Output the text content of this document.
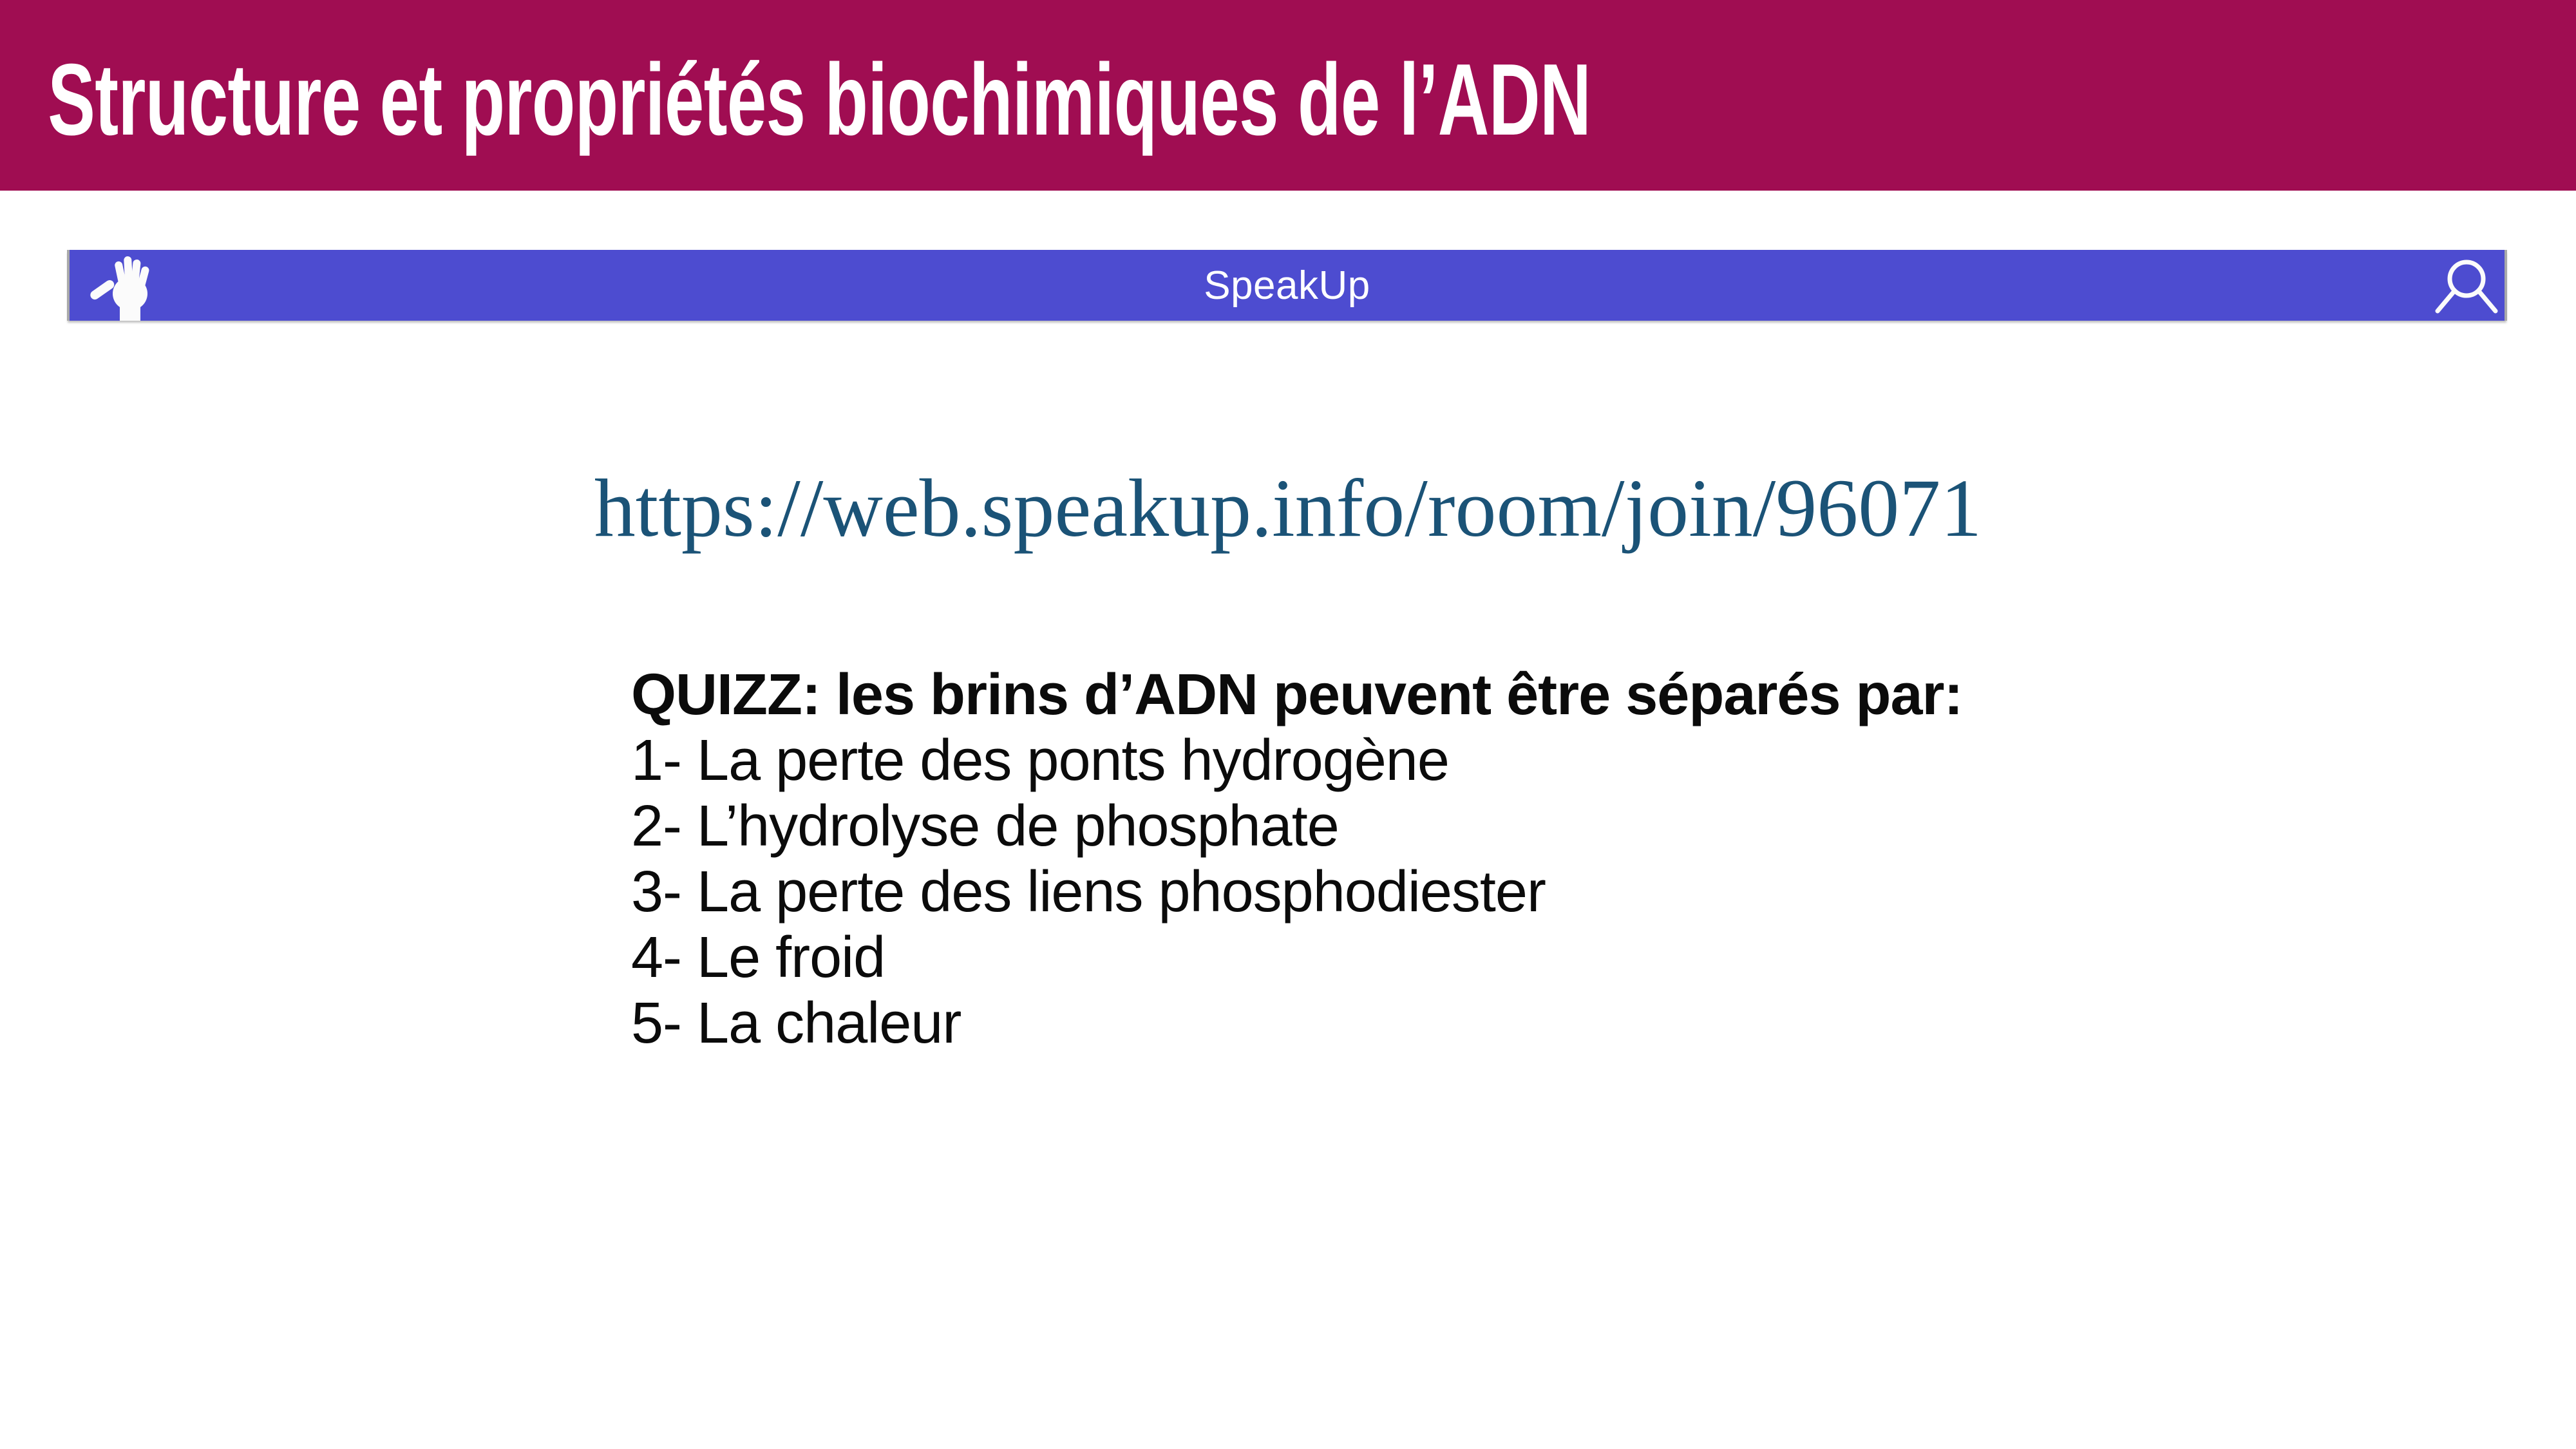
Structure et propriétés biochimiques de l’ADN
SpeakUp
https://web.speakup.info/room/join/96071
QUIZZ: les brins d’ADN peuvent être séparés par:
1- La perte des ponts hydrogène
2- L’hydrolyse de phosphate
3- La perte des liens phosphodiester
4- Le froid
5- La chaleur
